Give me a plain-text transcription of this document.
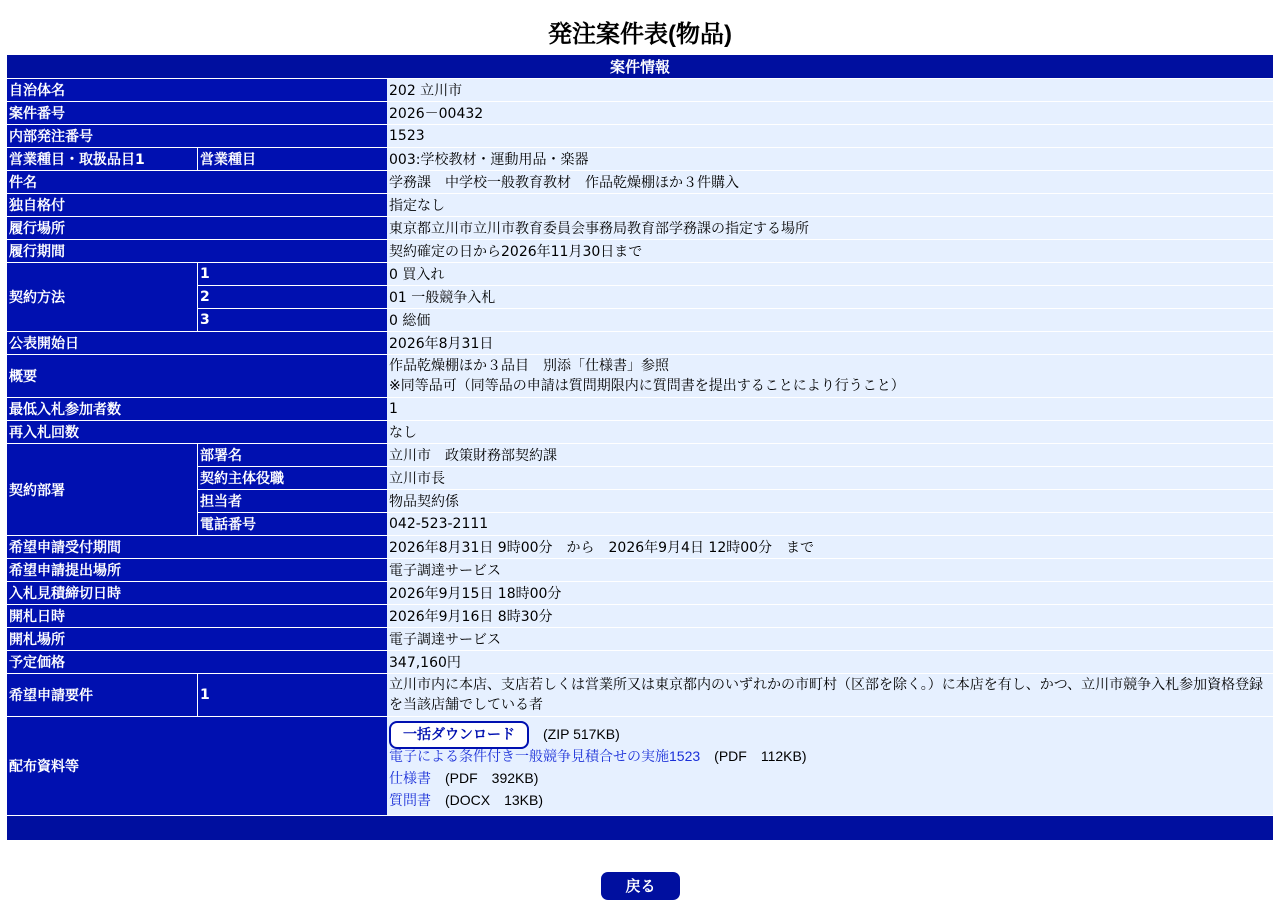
発注案件表(物品)
案件情報		
自治体名		202 立川市
案件番号		2026－00432
内部発注番号		1523
営業種目・取扱品目1	営業種目	003:学校教材・運動用品・楽器
件名		学務課　中学校一般教育教材　作品乾燥棚ほか３件購入
独自格付		指定なし
履行場所		東京都立川市立川市教育委員会事務局教育部学務課の指定する場所
履行期間		契約確定の日から2026年11月30日まで
契約方法	1	0 買入れ
	2	01 一般競争入札
	3	0 総価
公表開始日		2026年8月31日
概要		作品乾燥棚ほか３品目　別添「仕様書」参照
※同等品可（同等品の申請は質問期限内に質問書を提出することにより行うこと）

最低入札参加者数		1
再入札回数		なし
契約部署	部署名	立川市　政策財務部契約課
	契約主体役職	立川市長
	担当者	物品契約係
	電話番号	042-523-2111
希望申請受付期間		2026年8月31日 9時00分　から　2026年9月4日 12時00分　まで
希望申請提出場所		電子調達サービス
入札見積締切日時		2026年9月15日 18時00分
開札日時		2026年9月16日 8時30分
開札場所		電子調達サービス
予定価格		347,160円
希望申請要件	1	立川市内に本店、支店若しくは営業所又は東京都内のいずれかの市町村（区部を除く。）に本店を有し、かつ、立川市競争入札参加資格登録を当該店舗でしている者
配布資料等		一括ダウンロード (ZIP 517KB)
電子による条件付き一般競争見積合せの実施1523 (PDF　112KB)
仕様書 (PDF　392KB)
質問書 (DOCX　13KB)

戻る
